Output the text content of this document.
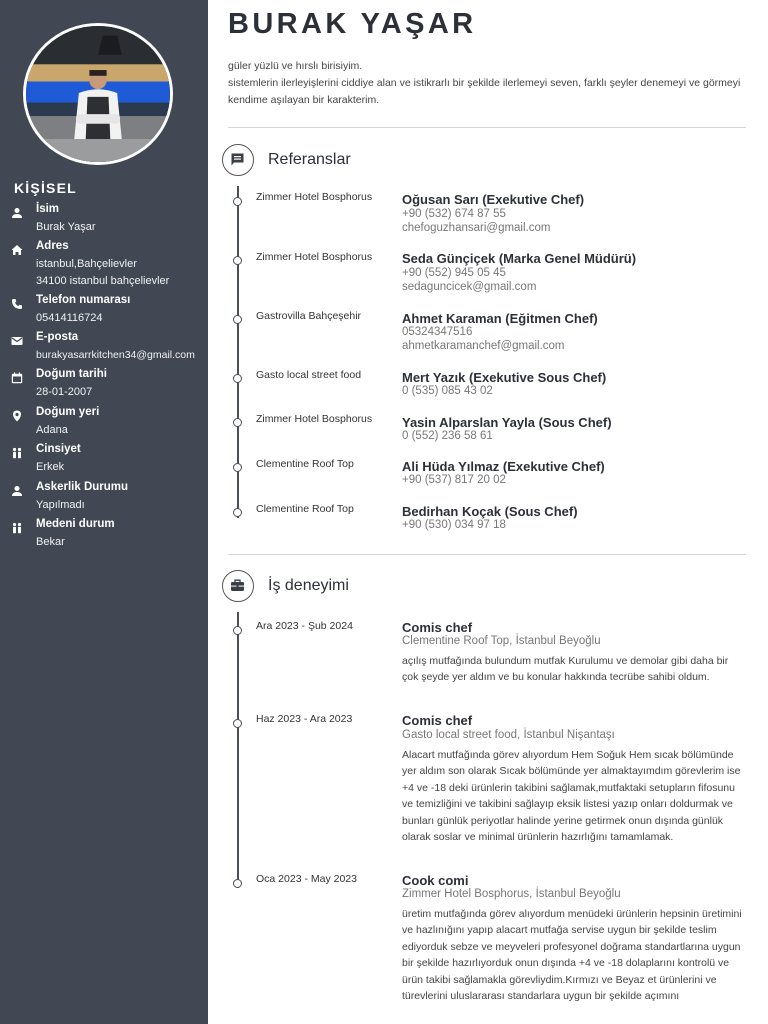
KİŞİSEL
İsim
Burak Yaşar
Adres
istanbul,Bahçelievler
34100 istanbul bahçelievler
Telefon numarası
05414116724
E-posta
burakyasarrkitchen34@gmail.com
Doğum tarihi
28-01-2007
Doğum yeri
Adana
Cinsiyet
Erkek
Askerlik Durumu
Yapılmadı
Medeni durum
Bekar
BURAK YAŞAR
güler yüzlü ve hırslı birisiyim.
sistemlerin ilerleyişlerini ciddiye alan ve istikrarlı bir şekilde ilerlemeyi seven, farklı şeyler denemeyi ve görmeyi kendime aşılayan bir karakterim.
Referanslar
Zimmer Hotel Bosphorus	Oğusan Sarı (Exekutive Chef)
+90 (532) 674 87 55
chefoguzhansari@gmail.com
Zimmer Hotel Bosphorus	Seda Günçiçek (Marka Genel Müdürü)
+90 (552) 945 05 45
sedaguncicek@gmail.com
Gastrovilla Bahçeşehir	Ahmet Karaman (Eğitmen Chef)
05324347516
ahmetkaramanchef@gmail.com
Gasto local street food	Mert Yazık (Exekutive Sous Chef)
0 (535) 085 43 02
Zimmer Hotel Bosphorus	Yasin Alparslan Yayla (Sous Chef)
0 (552) 236 58 61
Clementine Roof Top	Ali Hüda Yılmaz (Exekutive Chef)
+90 (537) 817 20 02
Clementine Roof Top	Bedirhan Koçak (Sous Chef)
+90 (530) 034 97 18
İş deneyimi
Ara 2023 - Şub 2024	Comis chef
Clementine Roof Top, İstanbul Beyoğlu
açılış mutfağında bulundum mutfak Kurulumu ve demolar gibi daha bir çok şeyde yer aldım ve bu konular hakkında tecrübe sahibi oldum.
Haz 2023 - Ara 2023	Comis chef
Gasto local street food, İstanbul Nişantaşı
Alacart mutfağında görev alıyordum Hem Soğuk Hem sıcak bölümünde yer aldım son olarak Sıcak bölümünde yer almaktayımdım görevlerim ise +4 ve -18 deki ürünlerin takibini sağlamak,mutfaktaki setupların fifosunu ve temizliğini ve takibini sağlayıp eksik listesi yazıp onları doldurmak ve bunları günlük periyotlar halinde yerine getirmek onun dışında günlük olarak soslar ve minimal ürünlerin hazırlığını tamamlamak.
Oca 2023 - May 2023	Cook comi
Zimmer Hotel Bosphorus, İstanbul Beyoğlu
üretim mutfağında görev alıyordum menüdeki ürünlerin hepsinin üretimini ve hazlınığını yapıp alacart mutfağa servise uygun bir şekilde teslim ediyorduk sebze ve meyveleri profesyonel doğrama standartlarına uygun bir şekilde hazırlıyorduk onun dışında +4 ve -18 dolaplarını kontrolü ve ürün takibi sağlamakla görevliydim.Kırmızı ve Beyaz et ürünlerini ve türevlerini uluslararası standarlara uygun bir şekilde açımını
